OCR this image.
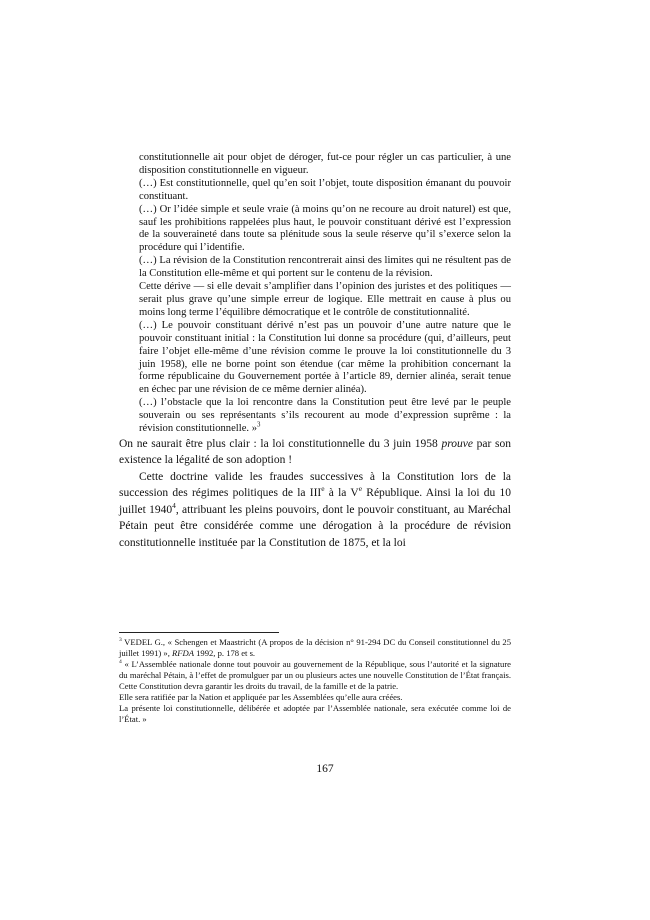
constitutionnelle ait pour objet de déroger, fut-ce pour régler un cas particulier, à une disposition constitutionnelle en vigueur.

(…) Est constitutionnelle, quel qu’en soit l’objet, toute disposition émanant du pouvoir constituant.

(…) Or l’idée simple et seule vraie (à moins qu’on ne recoure au droit naturel) est que, sauf les prohibitions rappelées plus haut, le pouvoir constituant dérivé est l’expression de la souveraineté dans toute sa plénitude sous la seule réserve qu’il s’exerce selon la procédure qui l’identifie.

(…) La révision de la Constitution rencontrerait ainsi des limites qui ne résultent pas de la Constitution elle-même et qui portent sur le contenu de la révision.

Cette dérive — si elle devait s’amplifier dans l’opinion des juristes et des politiques — serait plus grave qu’une simple erreur de logique. Elle mettrait en cause à plus ou moins long terme l’équilibre démocratique et le contrôle de constitutionnalité.

(…) Le pouvoir constituant dérivé n’est pas un pouvoir d’une autre nature que le pouvoir constituant initial : la Constitution lui donne sa procédure (qui, d’ailleurs, peut faire l’objet elle-même d’une révision comme le prouve la loi constitutionnelle du 3 juin 1958), elle ne borne point son étendue (car même la prohibition concernant la forme républicaine du Gouvernement portée à l’article 89, dernier alinéa, serait tenue en échec par une révision de ce même dernier alinéa).

(…) l’obstacle que la loi rencontre dans la Constitution peut être levé par le peuple souverain ou ses représentants s’ils recourent au mode d’expression suprême : la révision constitutionnelle. »$^3$

On ne saurait être plus clair : la loi constitutionnelle du 3 juin 1958 prouve par son existence la légalité de son adoption !

Cette doctrine valide les fraudes successives à la Constitution lors de la succession des régimes politiques de la IIIe à la Ve République. Ainsi la loi du 10 juillet 1940$^4$, attribuant les pleins pouvoirs, dont le pouvoir constituant, au Maréchal Pétain peut être considérée comme une dérogation à la procédure de révision constitutionnelle instituée par la Constitution de 1875, et la loi

$^3$ VEDEL G., « Schengen et Maastricht (A propos de la décision n° 91-294 DC du Conseil constitutionnel du 25 juillet 1991) », RFDA 1992, p. 178 et s.

$^4$ « L’Assemblée nationale donne tout pouvoir au gouvernement de la République, sous l’autorité et la signature du maréchal Pétain, à l’effet de promulguer par un ou plusieurs actes une nouvelle Constitution de l’État français. Cette Constitution devra garantir les droits du travail, de la famille et de la patrie.

Elle sera ratifiée par la Nation et appliquée par les Assemblées qu’elle aura créées.

La présente loi constitutionnelle, délibérée et adoptée par l’Assemblée nationale, sera exécutée comme loi de l’État. »

167
